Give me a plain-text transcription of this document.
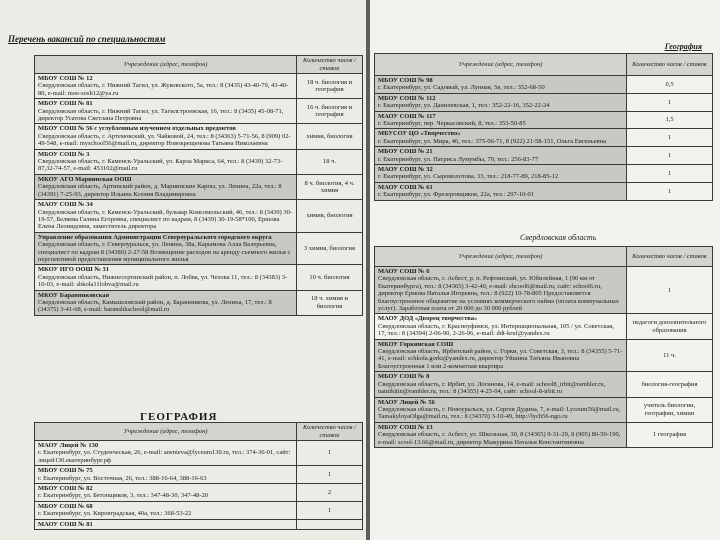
Перечень вакансий по специальностям
Учреждение (адрес, телефон)	Количество часов / ставок

МБОУ СОШ № 12
Свердловская область, г. Нижний Тагил, ул. Жуковского, 5а, тел.: 8 (3435) 43-40-79, 43-40-80, e-mail: moe-sosh12@ya.ru	18 ч. биология и география

МБОУ СОШ № 81
Свердловская область, г. Нижний Тагил, ул. Тагилстроевская, 16, тел.: 8 (3435) 45-08-71, директор Усатова Светлана Петровна	16 ч. биология и география

МБОУ СОШ № 56 с углубленным изучением отдельных предметов
Свердловская область, г. Артемовский, ул. Чайковой, 24, тел.: 8 (34363) 5-71-56, 8 (909) 02-49-548, e-mail: myschool56@mail.ru, директор Новокрещенова Татьяна Николаевна	химия, биология

МБОУ СОШ № 3
Свердловская область, г. Каменск-Уральский, ул. Карла Маркса, 64, тел.: 8 (3439) 32-73-87,32-74-57, e-mail: 453102@mail.ru	18 ч.

МКОУ АГО Мариинская ООШ
Свердловская область, Артинский район, д. Мариинские Карпы, ул. Ленина, 22а, тел.: 8 (34391) 7-25-93, директор Ильина Ксения Владимировна	8 ч. биология, 4 ч. химия

МАОУ СОШ № 34
Свердловская область, г. Каменск-Уральский, бульвар Комсомольский, 46, тел.: 8 (3439) 30-19-57, Беляева Галина Егоровна, специалист по кадрам, 8 (3439) 30-19-58*100, Ершова Елена Леонидовна, заместитель директора	химия, биология

Управление образования Администрации Североуральского городского округа
Свердловская область, г. Североуральск, ул. Ленина, 38а, Карымова Алла Валерьевна, специалист по кадрам 8 (34380) 2-27-58 Возмещение расходов на аренду съемного жилья с перспективой предоставления муниципального жилья	3 химия, биология

МКОУ НГО ООШ № 31
Свердловская область, Нижнесергинский район, п. Лобва, ул. Чехова 11, тел.: 8 (34383) 3-10-03, e-mail: shkola11lobva@mail.ru	10 ч. биология

МКОУ Баранниковская
Свердловская область, Камышловский район, д. Баранникова, ул. Ленина, 17, тел.: 8 (34375) 3-41-68, e-mail: baranshkschool@mail.ru	18 ч. химия и биология
ГЕОГРАФИЯ
Учреждение (адрес, телефон)	Количество часов / ставок

МАОУ Лицей № 130
г. Екатеринбург, ул. Студенческая, 26, e-mail: anenieva@lyceum130.ru, тел.: 374-36-01, сайт: лицей130.екатеринбург.рф	1

МБОУ СОШ № 75
г. Екатеринбург, ул. Восточная, 26, тел.: 388-16-64, 388-16-63	1

МБОУ СОШ № 82
г. Екатеринбург, ул. Бетонщиков, 3, тел.: 347-48-30, 347-48-20	2

МБОУ СОШ № 68
г. Екатеринбург, ул. Кировградская, 40а, тел.: 368-53-22	1

МАОУ СОШ № 81	

География
Учреждение (адрес, телефон)	Количество часов / ставок

МБОУ СОШ № 98
г. Екатеринбург, ул. Садовый, ул. Лунная, 5в, тел.: 352-68-50	0,5

МБОУ СОШ № 112
г. Екатеринбург, ул. Данилевская, 1, тел.: 352-22-16, 352-22-24	1

МАОУ СОШ № 117
г. Екатеринбург, пер. Черкасовский, 8, тел.: 353-50-85	1,5

МБУСОУ ЦО «Творчество»
г. Екатеринбург, ул. Мира, 46, тел.: 375-06-71, 8 (922) 21-58-151, Ольга Евгеньевна	1

МБОУ СОШ № 21
г. Екатеринбург, ул. Патриса Лумумбы, 79, тел.: 256-83-77	1

МАОУ СОШ № 32
г. Екатеринбург, ул. Сыромолотова, 33, тел.: 218-77-89, 218-85-12	1

МАОУ СОШ № 61
г. Екатеринбург, ул. Фрезеровщиков, 22а, тел.: 297-10-01	1
Свердловская область
Учреждение (адрес, телефон)	Количество часов / ставок

МАОУ СОШ № 6
Свердловская область, г. Асбест, р. п. Рефтинский, ул. Юбилейная, 1 (90 км от Екатеринбурга), тел.: 8 (34365) 3-42-40, e-mail: shcool6@mail.ru, сайт: school6.ru, директор Ермова Наталья Игоревна, тел.: 8 (922) 10-78-805 Предоставляется благоустроенное общежитие на условиях коммерческого найма (оплата коммунальных услуг). Заработная плата от 20 000 до 30 000 рублей	1

МАОУ ДОД «Дворец творчества»
Свердловская область, г. Красноуфимск, ул. Интернациональная, 105 / ул. Советская, 17, тел.: 8 (34394) 2-06-90, 2-26-96, e-mail: ddt-kruf@yandex.ru	педагоги дополнительного образования

МКОУ Горкинская СОШ
Свердловская область, Ирбитский район, с. Горки, ул. Советская, 3, тел.: 8 (34355) 5-71-41, e-mail: schkola.gorki@yandex.ru, директор Уйшина Татьяна Ивановна Благоустроенная 1 или 2-комнатная квартира	11 ч.

МБОУ СОШ № 8
Свердловская область, г. Ирбит, ул. Логинова, 14, e-mail: school8_irbit@rambler.ru, natnikitin@rambler.ru, тел.: 8 (34355) 4-25-04, сайт: school-8-irbit.ru	биология-география

МАОУ Лицей № 56
Свердловская область, г. Новоуральск, ул. Сергея Дудина, 7, e-mail: Lyceum56@mail.ru, TamakyloyaOlga@mail.ru, тел.: 8 (34370) 3-10-49, http://lych56-ngo.ru	учитель биологии, географии, химии

МБОУ СОШ № 13
Свердловская область, г. Асбест, ул. Школьная, 30, 8 (34365) 9-31-29, 8 (905) 80-50-190, e-mail: scool-13.66@mail.ru, директор Мажурина Наталья Константиновна	1 география
